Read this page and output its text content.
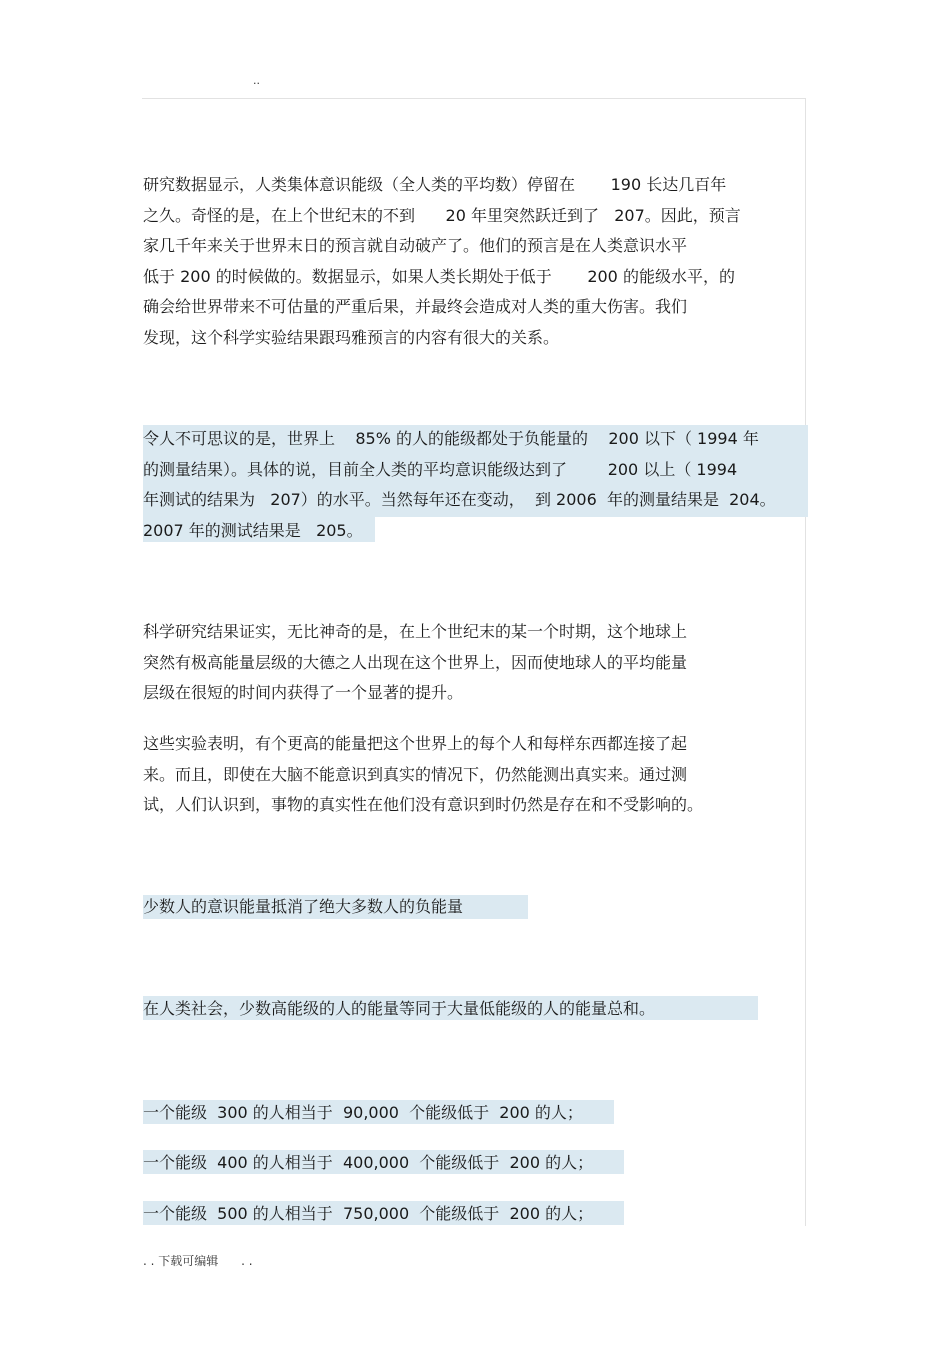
..

研究数据显示，人类集体意识能级（全人类的平均数）停留在       190 长达几百年
之久。奇怪的是，在上个世纪末的不到      20 年里突然跃迁到了   207。因此，预言
家几千年来关于世界末日的预言就自动破产了。他们的预言是在人类意识水平
低于 200 的时候做的。数据显示，如果人类长期处于低于       200 的能级水平，的
确会给世界带来不可估量的严重后果，并最终会造成对人类的重大伤害。我们
发现，这个科学实验结果跟玛雅预言的内容有很大的关系。

令人不可思议的是，世界上    85% 的人的能级都处于负能量的    200 以下（ 1994 年
的测量结果）。具体的说，目前全人类的平均意识能级达到了        200 以上（ 1994
年测试的结果为   207）的水平。当然每年还在变动，  到 2006  年的测量结果是  204。
2007 年的测试结果是   205。

科学研究结果证实，无比神奇的是，在上个世纪末的某一个时期，这个地球上
突然有极高能量层级的大德之人出现在这个世界上，因而使地球人的平均能量
层级在很短的时间内获得了一个显著的提升。

这些实验表明，有个更高的能量把这个世界上的每个人和每样东西都连接了起
来。而且，即使在大脑不能意识到真实的情况下，仍然能测出真实来。通过测
试，人们认识到，事物的真实性在他们没有意识到时仍然是存在和不受影响的。

少数人的意识能量抵消了绝大多数人的负能量

在人类社会，少数高能级的人的能量等同于大量低能级的人的能量总和。

一个能级  300 的人相当于  90,000  个能级低于  200 的人；

一个能级  400 的人相当于  400,000  个能级低于  200 的人；

一个能级  500 的人相当于  750,000  个能级低于  200 的人；

. . 下载可编辑      . .
